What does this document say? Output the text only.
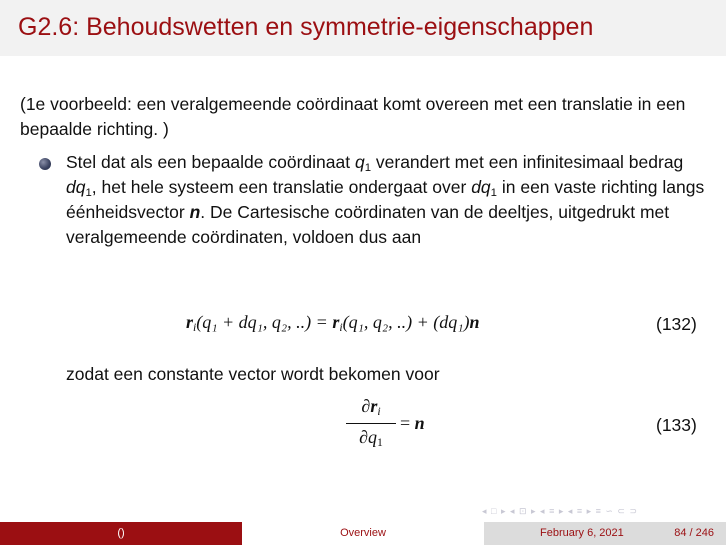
G2.6: Behoudswetten en symmetrie-eigenschappen
(1e voorbeeld: een veralgemeende coördinaat komt overeen met een translatie in een bepaalde richting. )
Stel dat als een bepaalde coördinaat $q_1$ verandert met een infinitesimaal bedrag $dq_1$, het hele systeem een translatie ondergaat over $dq_1$ in een vaste richting langs éénheidsvector n. De Cartesische coördinaten van de deeltjes, uitgedrukt met veralgemeende coördinaten, voldoen dus aan
$r_i(q_1 + dq_1$, q₂, ..) = $r_i(q_1$, q₂, ..) + (dq₁)n	(132)
zodat een constante vector wordt bekomen voor
$\partial r_i$
$\partial q_1$
= n	(133)
◂ □ ▸ ◂ ⊡ ▸ ◂ ≡ ▸ ◂ ≡ ▸ ≡ ∽ ⊂ ⊃
()	Overview	February 6, 2021	84 / 246
